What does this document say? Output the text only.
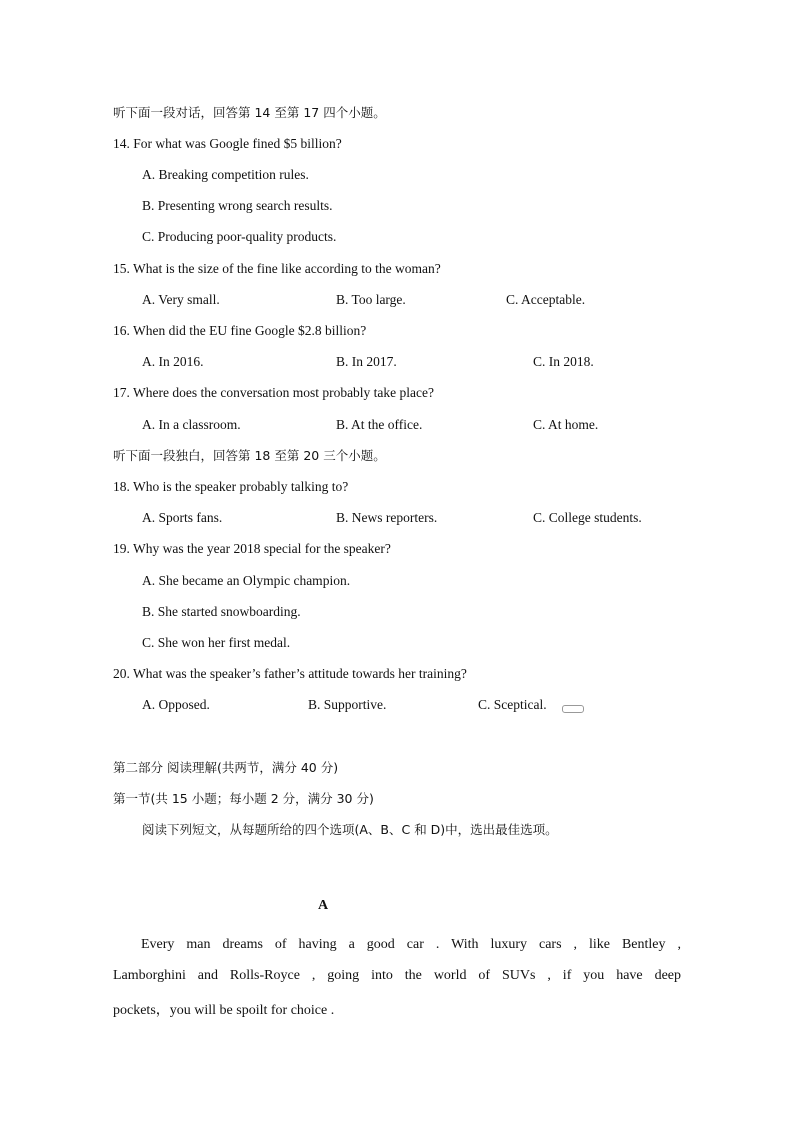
听下面一段对话，回答第 14 至第 17 四个小题。
14. For what was Google fined $5 billion?
A. Breaking competition rules.
B. Presenting wrong search results.
C. Producing poor-quality products.
15. What is the size of the fine like according to the woman?
A. Very small.	B. Too large.	C. Acceptable.
16. When did the EU fine Google $2.8 billion?
A. In 2016.	B. In 2017.	C. In 2018.
17. Where does the conversation most probably take place?
A. In a classroom.	B. At the office.	C. At home.
听下面一段独白，回答第 18 至第 20 三个小题。
18. Who is the speaker probably talking to?
A. Sports fans.	B. News reporters.	C. College students.
19. Why was the year 2018 special for the speaker?
A. She became an Olympic champion.
B. She started snowboarding.
C. She won her first medal.
20. What was the speaker’s father’s attitude towards her training?
A. Opposed.	B. Supportive.	C. Sceptical.
第二部分 阅读理解(共两节，满分 40 分)
第一节(共 15 小题；每小题 2 分，满分 30 分)
阅读下列短文，从每题所给的四个选项(A、B、C 和 D)中，选出最佳选项。
A
Every man dreams of having a good car . With luxury cars , like Bentley ,
Lamborghini and Rolls-Royce , going into the world of SUVs , if you have deep
pockets，you will be spoilt for choice .
